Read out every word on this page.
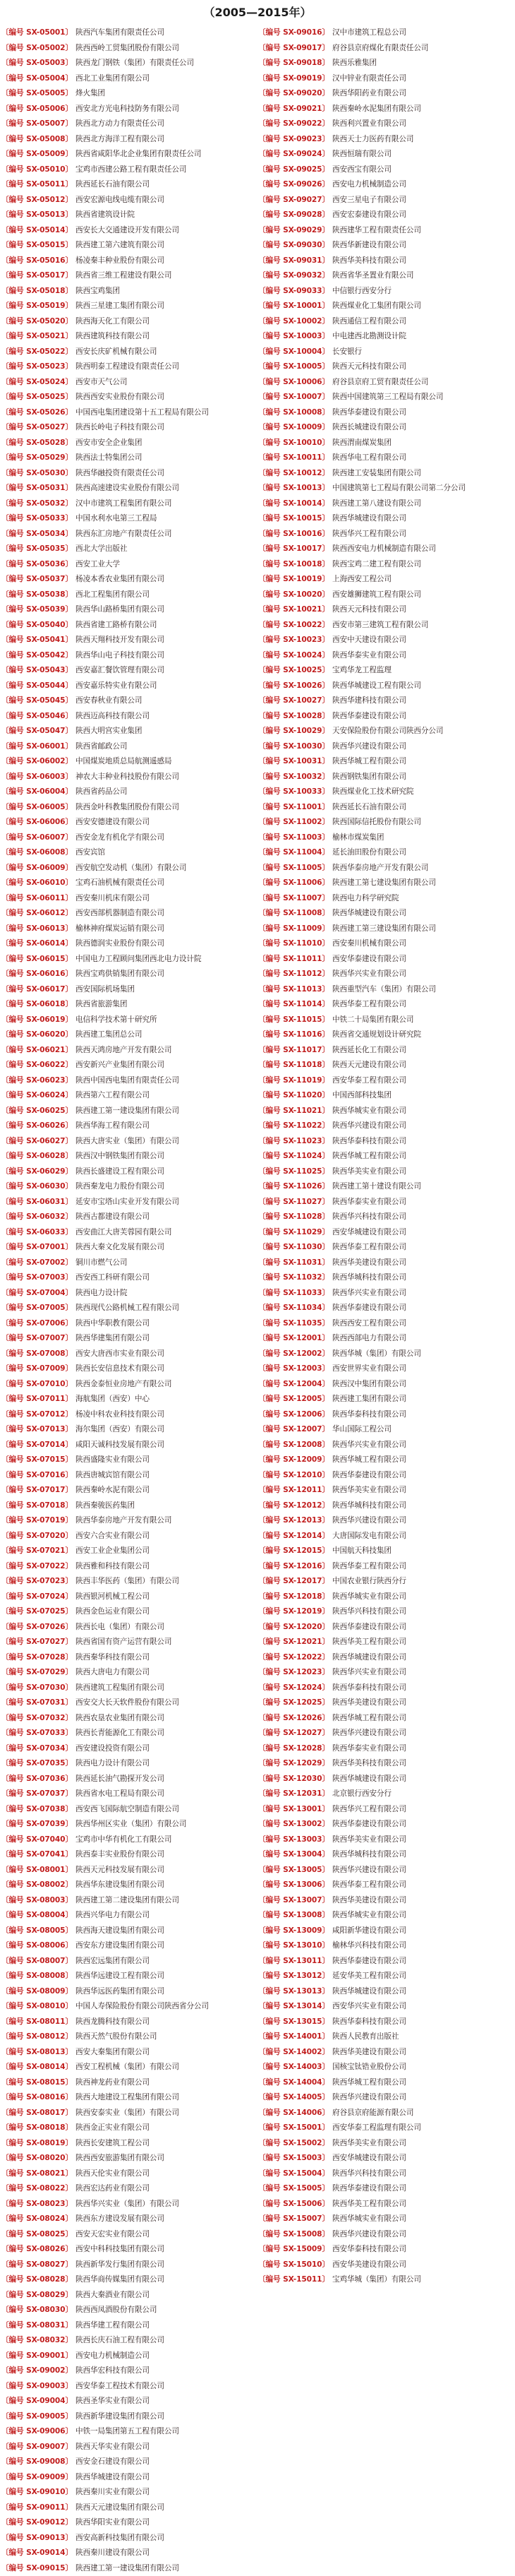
（2005—2015年）
〔编号 SX-05001〕 陕西汽车集团有限责任公司
〔编号 SX-05002〕 陕西西岭工贸集团股份有限公司
〔编号 SX-05003〕 陕西龙门钢铁（集团）有限责任公司
〔编号 SX-05004〕 西北工业集团有限公司
〔编号 SX-05005〕 烽火集团
〔编号 SX-05006〕 西安北方光电科技防务有限公司
〔编号 SX-05007〕 陕西北方动力有限责任公司
〔编号 SX-05008〕 陕西北方海洋工程有限公司
〔编号 SX-05009〕 陕西省咸阳华北企业集团有限责任公司
〔编号 SX-05010〕 宝鸡市西建公路工程有限责任公司
〔编号 SX-05011〕 陕西延长石油有限公司
〔编号 SX-05012〕 西安宏源电线电缆有限公司
〔编号 SX-05013〕 陕西省建筑设计院
〔编号 SX-05014〕 西安长大交通建设开发有限公司
〔编号 SX-05015〕 陕西建工第六建筑有限公司
〔编号 SX-05016〕 杨凌秦丰种业股份有限公司
〔编号 SX-05017〕 陕西省三维工程建设有限公司
〔编号 SX-05018〕 陕西宝鸡集团
〔编号 SX-05019〕 陕西三星建工集团有限公司
〔编号 SX-05020〕 陕西海天化工有限公司
〔编号 SX-05021〕 陕西建筑科技有限公司
〔编号 SX-05022〕 西安长庆矿机械有限公司
〔编号 SX-05023〕 陕西明泰工程建设有限责任公司
〔编号 SX-05024〕 西安市天气公司
〔编号 SX-05025〕 陕西西安实业股份有限公司
〔编号 SX-05026〕 中国西电集团建设第十五工程局有限公司
〔编号 SX-05027〕 陕西长岭电子科技有限公司
〔编号 SX-05028〕 西安市安全企业集团
〔编号 SX-05029〕 陕西法士特集团公司
〔编号 SX-05030〕 陕西华融投资有限责任公司
〔编号 SX-05031〕 陕西高速建设实业股份有限公司
〔编号 SX-05032〕 汉中市建筑工程集团有限公司
〔编号 SX-05033〕 中国水利水电第三工程局
〔编号 SX-05034〕 陕西东汇房地产有限责任公司
〔编号 SX-05035〕 西北大学出版社
〔编号 SX-05036〕 西安工业大学
〔编号 SX-05037〕 杨凌本香农业集团有限公司
〔编号 SX-05038〕 西北工程集团有限公司
〔编号 SX-05039〕 陕西华山路桥集团有限公司
〔编号 SX-05040〕 陕西省建工路桥有限公司
〔编号 SX-05041〕 陕西天翔科技开发有限公司
〔编号 SX-05042〕 陕西华山电子科技有限公司
〔编号 SX-05043〕 西安嘉汇餐饮管理有限公司
〔编号 SX-05044〕 西安嘉乐特实业有限公司
〔编号 SX-05045〕 西安春秋业有限公司
〔编号 SX-05046〕 陕西迈高科技有限公司
〔编号 SX-05047〕 陕西大明宫实业集团
〔编号 SX-06001〕 陕西省邮政公司
〔编号 SX-06002〕 中国煤炭地质总局航测遥感局
〔编号 SX-06003〕 神农大丰种业科技股份有限公司
〔编号 SX-06004〕 陕西省药品公司
〔编号 SX-06005〕 陕西金叶科教集团股份有限公司
〔编号 SX-06006〕 西安安德建设有限公司
〔编号 SX-06007〕 西安金龙有机化学有限公司
〔编号 SX-06008〕 西安宾馆
〔编号 SX-06009〕 西安航空发动机（集团）有限公司
〔编号 SX-06010〕 宝鸡石油机械有限责任公司
〔编号 SX-06011〕 西安秦川机床有限公司
〔编号 SX-06012〕 西安西部机器制造有限公司
〔编号 SX-06013〕 榆林神府煤炭运销有限公司
〔编号 SX-06014〕 陕西德润实业股份有限公司
〔编号 SX-06015〕 中国电力工程顾问集团西北电力设计院
〔编号 SX-06016〕 陕西宝鸡供销集团有限公司
〔编号 SX-06017〕 西安国际机场集团
〔编号 SX-06018〕 陕西省旅游集团
〔编号 SX-06019〕 电信科学技术第十研究所
〔编号 SX-06020〕 陕西建工集团总公司
〔编号 SX-06021〕 陕西天鸿房地产开发有限公司
〔编号 SX-06022〕 西安新兴产业集团有限公司
〔编号 SX-06023〕 陕西中国西电集团有限责任公司
〔编号 SX-06024〕 陕西第六工程有限公司
〔编号 SX-06025〕 陕西建工第一建设集团有限公司
〔编号 SX-06026〕 陕西华海工程有限公司
〔编号 SX-06027〕 陕西大唐实业（集团）有限公司
〔编号 SX-06028〕 陕西汉中钢铁集团有限公司
〔编号 SX-06029〕 陕西长盛建设工程有限公司
〔编号 SX-06030〕 陕西秦龙电力股份有限公司
〔编号 SX-06031〕 延安市宝塔山实业开发有限公司
〔编号 SX-06032〕 陕西古都建设有限公司
〔编号 SX-06033〕 西安曲江大唐芙蓉园有限公司
〔编号 SX-07001〕 陕西大秦文化发展有限公司
〔编号 SX-07002〕 铜川市燃气公司
〔编号 SX-07003〕 西安西工科研有限公司
〔编号 SX-07004〕 陕西电力设计院
〔编号 SX-07005〕 陕西现代公路机械工程有限公司
〔编号 SX-07006〕 陕西中华职教有限公司
〔编号 SX-07007〕 陕西华建集团有限公司
〔编号 SX-07008〕 西安大唐西市实业有限公司
〔编号 SX-07009〕 陕西长安信息技术有限公司
〔编号 SX-07010〕 陕西金泰恒业房地产有限公司
〔编号 SX-07011〕 海航集团（西安）中心
〔编号 SX-07012〕 杨凌中科农业科技有限公司
〔编号 SX-07013〕 海尔集团（西安）有限公司
〔编号 SX-07014〕 咸阳天诚科技发展有限公司
〔编号 SX-07015〕 陕西盛隆实业有限公司
〔编号 SX-07016〕 陕西唐城宾馆有限公司
〔编号 SX-07017〕 陕西秦岭水泥有限公司
〔编号 SX-07018〕 陕西秦骏医药集团
〔编号 SX-07019〕 陕西华泰房地产开发有限公司
〔编号 SX-07020〕 西安六合实业有限公司
〔编号 SX-07021〕 西安工业企业集团公司
〔编号 SX-07022〕 陕西雅和科技有限公司
〔编号 SX-07023〕 陕西丰华医药（集团）有限公司
〔编号 SX-07024〕 陕西银河机械工程公司
〔编号 SX-07025〕 陕西金色运业有限公司
〔编号 SX-07026〕 陕西长电（集团）有限公司
〔编号 SX-07027〕 陕西省国有资产运营有限公司
〔编号 SX-07028〕 陕西秦华科技有限公司
〔编号 SX-07029〕 陕西大唐电力有限公司
〔编号 SX-07030〕 陕西建筑工程集团有限公司
〔编号 SX-07031〕 西安交大长天软件股份有限公司
〔编号 SX-07032〕 陕西农垦农业集团有限公司
〔编号 SX-07033〕 陕西长青能源化工有限公司
〔编号 SX-07034〕 西安建设投资有限公司
〔编号 SX-07035〕 陕西电力设计有限公司
〔编号 SX-07036〕 陕西延长油气勘探开发公司
〔编号 SX-07037〕 陕西省水电工程局有限公司
〔编号 SX-07038〕 西安西飞国际航空制造有限公司
〔编号 SX-07039〕 陕西华州区实业（集团）有限公司
〔编号 SX-07040〕 宝鸡市中华有机化工有限公司
〔编号 SX-07041〕 陕西泰丰实业股份有限公司
〔编号 SX-08001〕 陕西天元科技发展有限公司
〔编号 SX-08002〕 陕西华东建设集团有限公司
〔编号 SX-08003〕 陕西建工第二建设集团有限公司
〔编号 SX-08004〕 陕西兴华电力有限公司
〔编号 SX-08005〕 陕西海天建设集团有限公司
〔编号 SX-08006〕 西安东方建设集团有限公司
〔编号 SX-08007〕 陕西宏远集团有限公司
〔编号 SX-08008〕 陕西华远建设工程有限公司
〔编号 SX-08009〕 陕西华远医药集团有限公司
〔编号 SX-08010〕 中国人寿保险股份有限公司陕西省分公司
〔编号 SX-08011〕 陕西龙腾科技有限公司
〔编号 SX-08012〕 陕西天然气股份有限公司
〔编号 SX-08013〕 西安大秦集团有限公司
〔编号 SX-08014〕 西安工程机械（集团）有限公司
〔编号 SX-08015〕 陕西神龙药业有限公司
〔编号 SX-08016〕 陕西大地建设工程集团有限公司
〔编号 SX-08017〕 陕西安泰实业（集团）有限公司
〔编号 SX-08018〕 陕西金正实业有限公司
〔编号 SX-08019〕 陕西长安建筑工程公司
〔编号 SX-08020〕 陕西西安旅游集团有限公司
〔编号 SX-08021〕 陕西天伦实业有限公司
〔编号 SX-08022〕 陕西宏达药业有限公司
〔编号 SX-08023〕 陕西华兴实业（集团）有限公司
〔编号 SX-08024〕 陕西东方建设发展有限公司
〔编号 SX-08025〕 西安天宏实业有限公司
〔编号 SX-08026〕 西安中科科技集团有限公司
〔编号 SX-08027〕 陕西新华发行集团有限公司
〔编号 SX-08028〕 陕西华商传媒集团有限公司
〔编号 SX-08029〕 陕西大秦酒业有限公司
〔编号 SX-08030〕 陕西西凤酒股份有限公司
〔编号 SX-08031〕 陕西华建工程有限公司
〔编号 SX-08032〕 陕西长庆石油工程有限公司
〔编号 SX-09001〕 西安电力机械制造公司
〔编号 SX-09002〕 陕西华宏科技有限公司
〔编号 SX-09003〕 西安华泰工程技术有限公司
〔编号 SX-09004〕 陕西圣华实业有限公司
〔编号 SX-09005〕 陕西新华建设集团有限公司
〔编号 SX-09006〕 中铁一局集团第五工程有限公司
〔编号 SX-09007〕 陕西天华实业有限公司
〔编号 SX-09008〕 西安金石建设有限公司
〔编号 SX-09009〕 陕西华城建设有限公司
〔编号 SX-09010〕 陕西秦川实业有限公司
〔编号 SX-09011〕 陕西天元建设集团有限公司
〔编号 SX-09012〕 陕西华阳实业有限公司
〔编号 SX-09013〕 西安高新科技集团有限公司
〔编号 SX-09014〕 陕西秦川建设有限公司
〔编号 SX-09015〕 陕西建工第一建设集团有限公司
〔编号 SX-09016〕 汉中市建筑工程总公司
〔编号 SX-09017〕 府谷县京府煤化有限责任公司
〔编号 SX-09018〕 陕西乐雅集团
〔编号 SX-09019〕 汉中锌业有限责任公司
〔编号 SX-09020〕 陕西华阳药业有限公司
〔编号 SX-09021〕 陕西秦岭水泥集团有限公司
〔编号 SX-09022〕 陕西利兴置业有限公司
〔编号 SX-09023〕 陕西天士力医药有限公司
〔编号 SX-09024〕 陕西恒瑞有限公司
〔编号 SX-09025〕 西安西宝有限公司
〔编号 SX-09026〕 西安电力机械制造公司
〔编号 SX-09027〕 西安三星电子有限公司
〔编号 SX-09028〕 西安宏泰建设有限公司
〔编号 SX-09029〕 陕西建华工程有限责任公司
〔编号 SX-09030〕 陕西华新建设有限公司
〔编号 SX-09031〕 陕西华美科技有限公司
〔编号 SX-09032〕 陕西省华圣置业有限公司
〔编号 SX-09033〕 中信银行西安分行
〔编号 SX-10001〕 陕西煤业化工集团有限公司
〔编号 SX-10002〕 陕西通信工程有限公司
〔编号 SX-10003〕 中电建西北勘测设计院
〔编号 SX-10004〕 长安银行
〔编号 SX-10005〕 陕西天元科技有限公司
〔编号 SX-10006〕 府谷县京府工贸有限责任公司
〔编号 SX-10007〕 陕西中国建筑第三工程局有限公司
〔编号 SX-10008〕 陕西华泰建设有限公司
〔编号 SX-10009〕 陕西长城建设有限公司
〔编号 SX-10010〕 陕西渭南煤炭集团
〔编号 SX-10011〕 陕西华电工程有限公司
〔编号 SX-10012〕 陕西建工安装集团有限公司
〔编号 SX-10013〕 中国建筑第七工程局有限公司第二分公司
〔编号 SX-10014〕 陕西建工第八建设有限公司
〔编号 SX-10015〕 陕西华城建设有限公司
〔编号 SX-10016〕 陕西华兴工程有限公司
〔编号 SX-10017〕 陕西西安电力机械制造有限公司
〔编号 SX-10018〕 陕西宝鸡二建工程有限公司
〔编号 SX-10019〕 上海西安工程公司
〔编号 SX-10020〕 西安雄狮建筑工程有限公司
〔编号 SX-10021〕 陕西天元科技有限公司
〔编号 SX-10022〕 西安市第三建筑工程有限公司
〔编号 SX-10023〕 西安中天建设有限公司
〔编号 SX-10024〕 陕西华泰实业有限公司
〔编号 SX-10025〕 宝鸡华龙工程监理
〔编号 SX-10026〕 陕西华城建设工程有限公司
〔编号 SX-10027〕 陕西华建科技有限公司
〔编号 SX-10028〕 陕西华泰建设有限公司
〔编号 SX-10029〕 天安保险股份有限公司陕西分公司
〔编号 SX-10030〕 陕西华兴建设有限公司
〔编号 SX-10031〕 陕西华城工程有限公司
〔编号 SX-10032〕 陕西钢铁集团有限公司
〔编号 SX-10033〕 陕西煤业化工技术研究院
〔编号 SX-11001〕 陕西延长石油有限公司
〔编号 SX-11002〕 陕西国际信托股份有限公司
〔编号 SX-11003〕 榆林市煤炭集团
〔编号 SX-11004〕 延长油田股份有限公司
〔编号 SX-11005〕 陕西华泰房地产开发有限公司
〔编号 SX-11006〕 陕西建工第七建设集团有限公司
〔编号 SX-11007〕 陕西电力科学研究院
〔编号 SX-11008〕 陕西华城建设有限公司
〔编号 SX-11009〕 陕西建工第三建设集团有限公司
〔编号 SX-11010〕 西安秦川机械有限公司
〔编号 SX-11011〕 西安华泰建设有限公司
〔编号 SX-11012〕 陕西华兴实业有限公司
〔编号 SX-11013〕 陕西重型汽车（集团）有限公司
〔编号 SX-11014〕 陕西华泰工程有限公司
〔编号 SX-11015〕 中铁二十局集团有限公司
〔编号 SX-11016〕 陕西省交通规划设计研究院
〔编号 SX-11017〕 陕西延长化工有限公司
〔编号 SX-11018〕 陕西天元建设有限公司
〔编号 SX-11019〕 西安华泰工程有限公司
〔编号 SX-11020〕 中国西部科技集团
〔编号 SX-11021〕 陕西华城实业有限公司
〔编号 SX-11022〕 陕西华兴建设有限公司
〔编号 SX-11023〕 陕西华泰科技有限公司
〔编号 SX-11024〕 陕西华城工程有限公司
〔编号 SX-11025〕 陕西华美实业有限公司
〔编号 SX-11026〕 陕西建工第十建设有限公司
〔编号 SX-11027〕 陕西华泰实业有限公司
〔编号 SX-11028〕 陕西华兴科技有限公司
〔编号 SX-11029〕 西安华城建设有限公司
〔编号 SX-11030〕 陕西华泰工程有限公司
〔编号 SX-11031〕 陕西华美建设有限公司
〔编号 SX-11032〕 陕西华城科技有限公司
〔编号 SX-11033〕 陕西华兴实业有限公司
〔编号 SX-11034〕 陕西华泰建设有限公司
〔编号 SX-11035〕 陕西西安工程有限公司
〔编号 SX-12001〕 陕西西部电力有限公司
〔编号 SX-12002〕 陕西华城（集团）有限公司
〔编号 SX-12003〕 西安世界实业有限公司
〔编号 SX-12004〕 陕西汉中集团有限公司
〔编号 SX-12005〕 陕西建工集团有限公司
〔编号 SX-12006〕 陕西华泰科技有限公司
〔编号 SX-12007〕 华山国际工程公司
〔编号 SX-12008〕 陕西华兴实业有限公司
〔编号 SX-12009〕 陕西华城工程有限公司
〔编号 SX-12010〕 陕西华泰建设有限公司
〔编号 SX-12011〕 陕西华美实业有限公司
〔编号 SX-12012〕 陕西华城科技有限公司
〔编号 SX-12013〕 陕西华兴建设有限公司
〔编号 SX-12014〕 大唐国际发电有限公司
〔编号 SX-12015〕 中国航天科技集团
〔编号 SX-12016〕 陕西华泰工程有限公司
〔编号 SX-12017〕 中国农业银行陕西分行
〔编号 SX-12018〕 陕西华城实业有限公司
〔编号 SX-12019〕 陕西华兴科技有限公司
〔编号 SX-12020〕 陕西华泰建设有限公司
〔编号 SX-12021〕 陕西华美工程有限公司
〔编号 SX-12022〕 陕西华城建设有限公司
〔编号 SX-12023〕 陕西华兴实业有限公司
〔编号 SX-12024〕 陕西华泰科技有限公司
〔编号 SX-12025〕 陕西华美建设有限公司
〔编号 SX-12026〕 陕西华城工程有限公司
〔编号 SX-12027〕 陕西华兴建设有限公司
〔编号 SX-12028〕 陕西华泰实业有限公司
〔编号 SX-12029〕 陕西华美科技有限公司
〔编号 SX-12030〕 陕西华城建设有限公司
〔编号 SX-12031〕 北京银行西安分行
〔编号 SX-13001〕 陕西华兴工程有限公司
〔编号 SX-13002〕 陕西华泰建设有限公司
〔编号 SX-13003〕 陕西华美实业有限公司
〔编号 SX-13004〕 陕西华城科技有限公司
〔编号 SX-13005〕 陕西华兴建设有限公司
〔编号 SX-13006〕 陕西华泰工程有限公司
〔编号 SX-13007〕 陕西华美建设有限公司
〔编号 SX-13008〕 陕西华城实业有限公司
〔编号 SX-13009〕 咸阳新华建设有限公司
〔编号 SX-13010〕 榆林华兴科技有限公司
〔编号 SX-13011〕 陕西华泰建设有限公司
〔编号 SX-13012〕 延安华美工程有限公司
〔编号 SX-13013〕 陕西华城建设有限公司
〔编号 SX-13014〕 西安华兴实业有限公司
〔编号 SX-13015〕 陕西华泰科技有限公司
〔编号 SX-14001〕 陕西人民教育出版社
〔编号 SX-14002〕 陕西华美建设有限公司
〔编号 SX-14003〕 国核宝钛锆业股份公司
〔编号 SX-14004〕 陕西华城工程有限公司
〔编号 SX-14005〕 陕西华兴建设有限公司
〔编号 SX-14006〕 府谷县京府能源有限公司
〔编号 SX-15001〕 西安华泰工程监理有限公司
〔编号 SX-15002〕 陕西华美实业有限公司
〔编号 SX-15003〕 西安华城建设有限公司
〔编号 SX-15004〕 陕西华兴科技有限公司
〔编号 SX-15005〕 陕西华泰建设有限公司
〔编号 SX-15006〕 陕西华美工程有限公司
〔编号 SX-15007〕 陕西华城实业有限公司
〔编号 SX-15008〕 陕西华兴建设有限公司
〔编号 SX-15009〕 西安华泰科技有限公司
〔编号 SX-15010〕 西安华美建设有限公司
〔编号 SX-15011〕 宝鸡华城（集团）有限公司
